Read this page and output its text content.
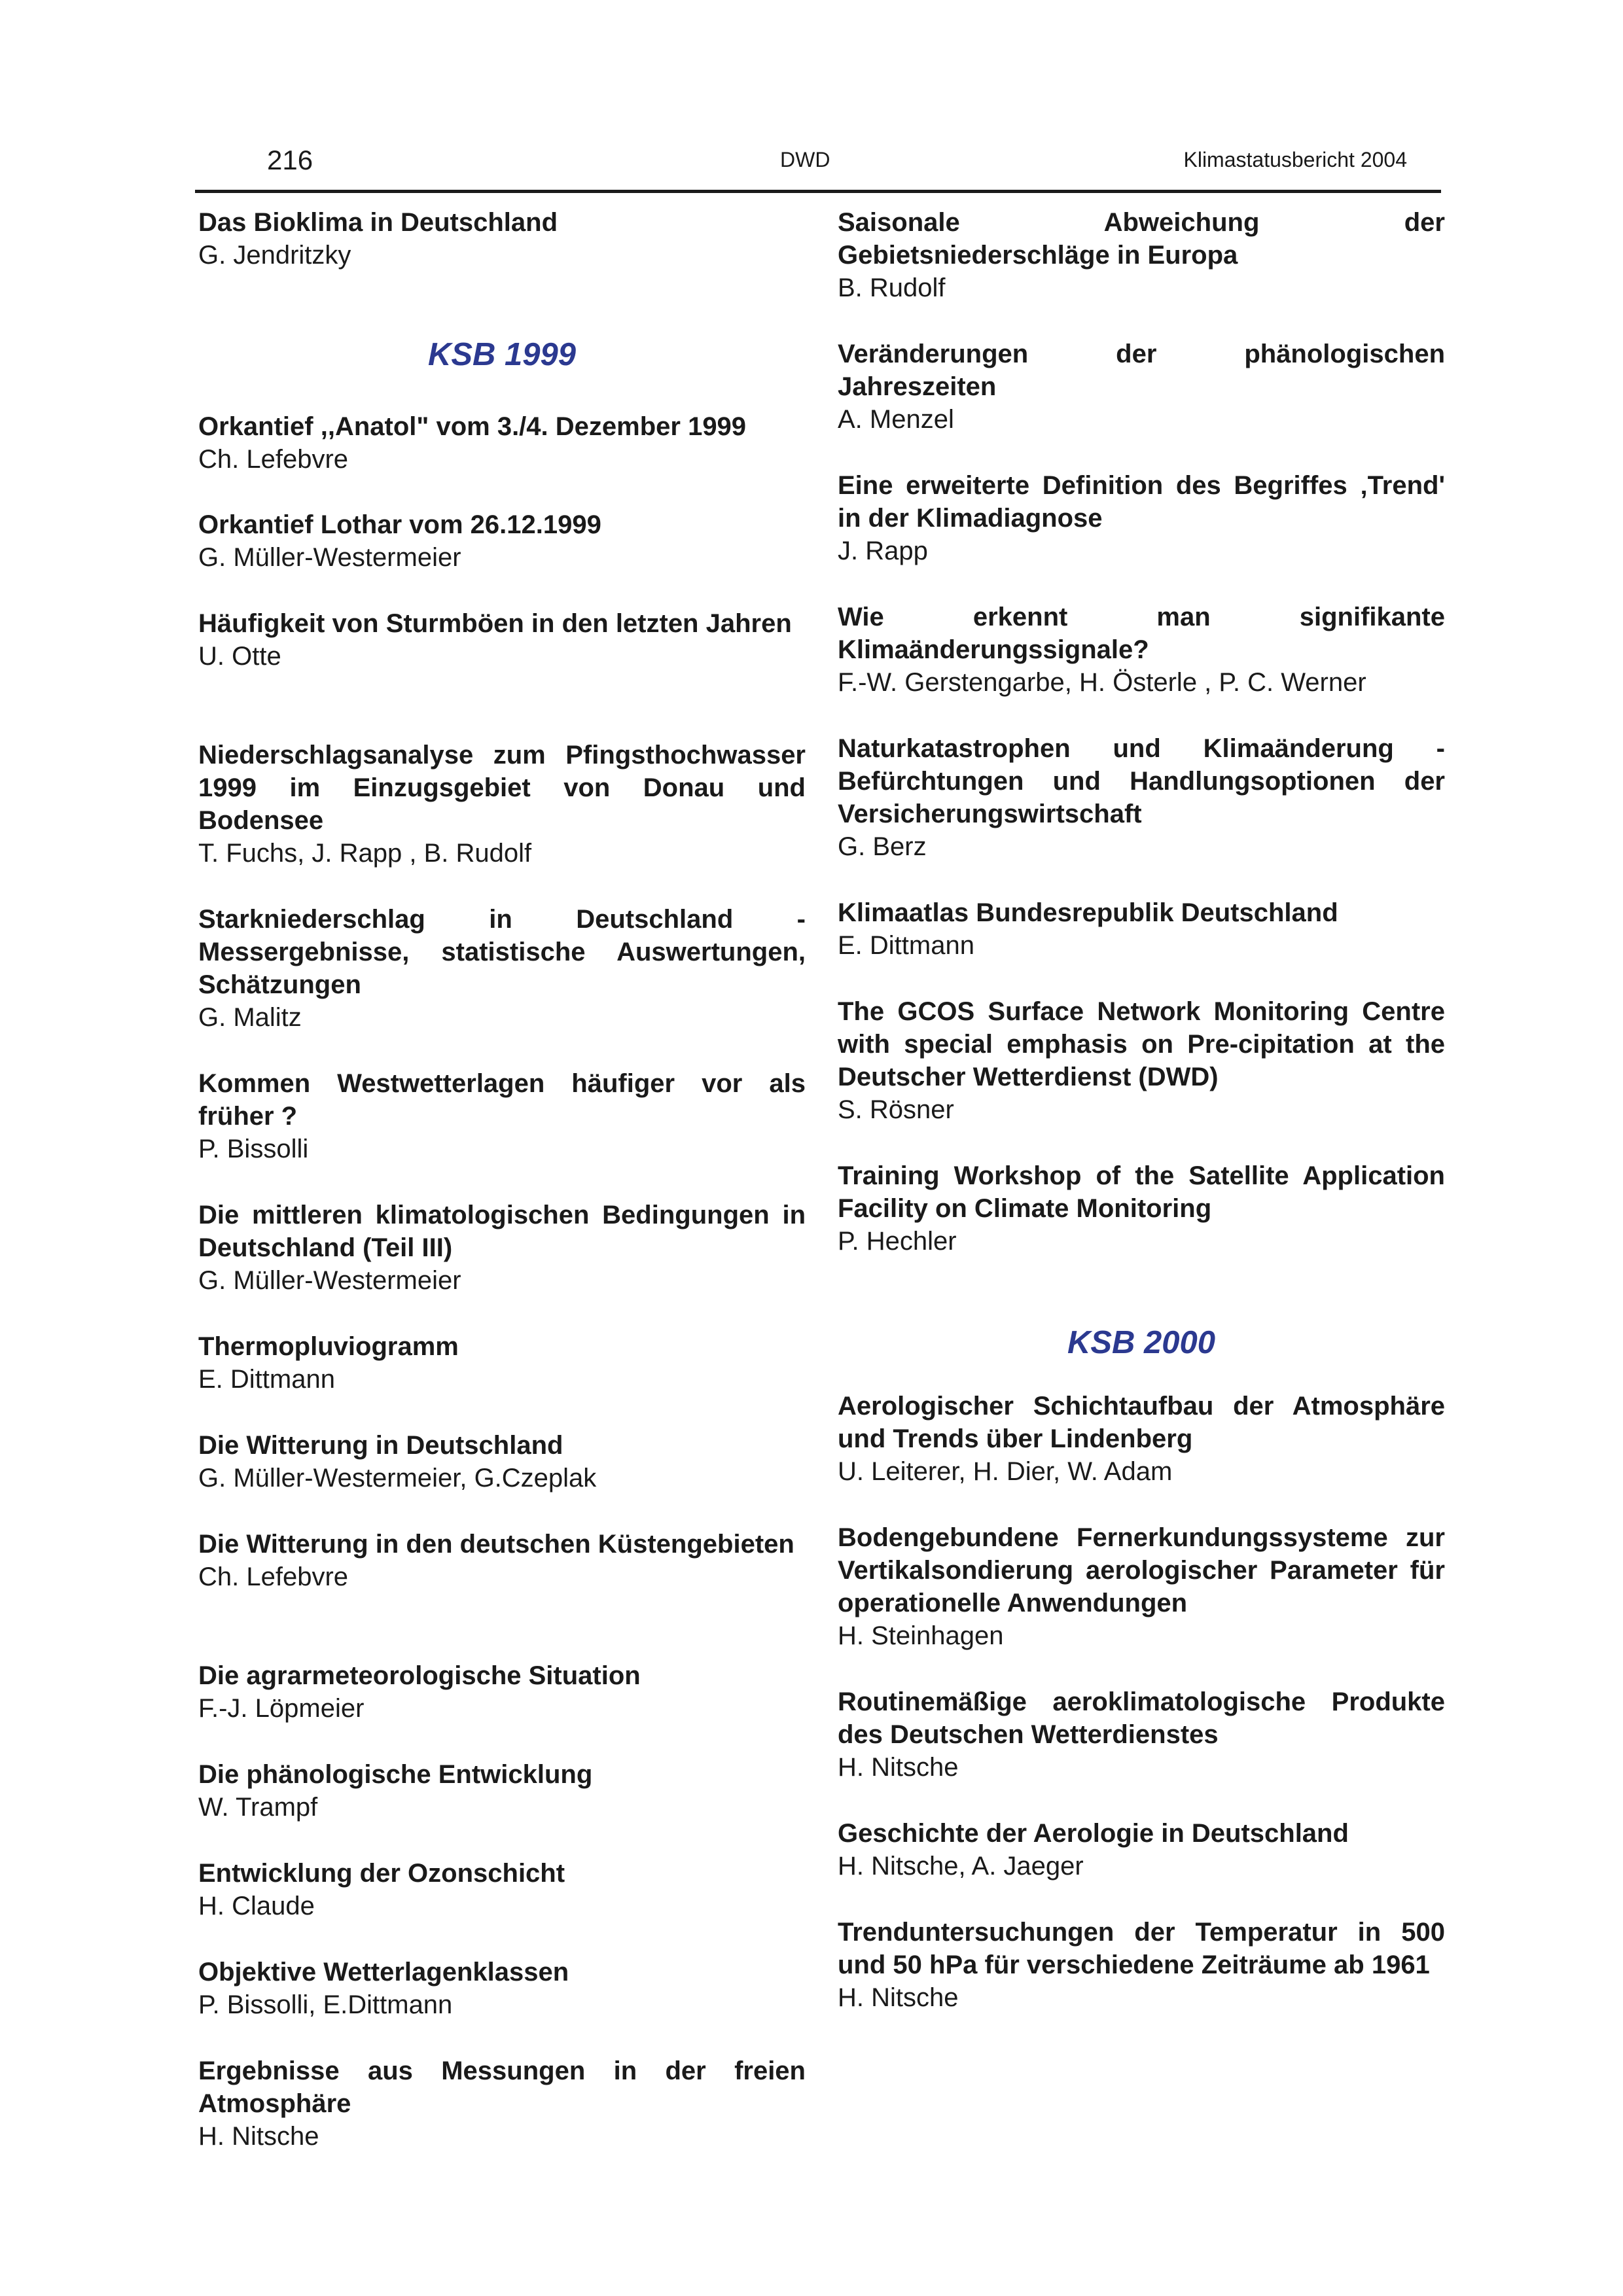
216	DWD	Klimastatusbericht 2004

Das Bioklima in Deutschland

G. Jendritzky

KSB 1999

Orkantief ,,Anatol" vom 3./4. Dezember 1999

Ch. Lefebvre

Orkantief Lothar vom 26.12.1999

G. Müller-Westermeier

Häufigkeit von Sturmböen in den letzten Jahren

U. Otte

Niederschlagsanalyse zum Pfingsthochwasser 1999 im Einzugsgebiet von Donau und Bodensee

T. Fuchs, J. Rapp , B. Rudolf

Starkniederschlag in Deutschland - Messergebnisse, statistische Auswertungen, Schätzungen

G. Malitz

Kommen Westwetterlagen häufiger vor als früher ?

P. Bissolli

Die mittleren klimatologischen Bedingungen in Deutschland (Teil III)

G. Müller-Westermeier

Thermopluviogramm

E. Dittmann

Die Witterung in Deutschland

G. Müller-Westermeier, G.Czeplak

Die Witterung in den deutschen Küstengebieten

Ch. Lefebvre

Die agrarmeteorologische Situation

F.-J. Löpmeier

Die phänologische Entwicklung

W. Trampf

Entwicklung der Ozonschicht

H. Claude

Objektive Wetterlagenklassen

P. Bissolli, E.Dittmann

Ergebnisse aus Messungen in der freien Atmosphäre

H. Nitsche

Saisonale Abweichung der Gebietsniederschläge in Europa

B. Rudolf

Veränderungen der phänologischen Jahreszeiten

A. Menzel

Eine erweiterte Definition des Begriffes ‚Trend' in der Klimadiagnose

J. Rapp

Wie erkennt man signifikante Klimaänderungssignale?

F.-W. Gerstengarbe, H. Österle , P. C. Werner

Naturkatastrophen und Klimaänderung - Befürchtungen und Handlungsoptionen der Versicherungswirtschaft

G. Berz

Klimaatlas Bundesrepublik Deutschland

E. Dittmann

The GCOS Surface Network Monitoring Centre with special emphasis on Pre-cipitation at the Deutscher Wetterdienst (DWD)

S. Rösner

Training Workshop of the Satellite Application Facility on Climate Monitoring

P. Hechler

KSB 2000

Aerologischer Schichtaufbau der Atmosphäre und Trends über Lindenberg

U. Leiterer, H. Dier, W. Adam

Bodengebundene Fernerkundungssysteme zur Vertikalsondierung aerologischer Parameter für operationelle Anwendungen

H. Steinhagen

Routinemäßige aeroklimatologische Produkte des Deutschen Wetterdienstes

H. Nitsche

Geschichte der Aerologie in Deutschland

H. Nitsche, A. Jaeger

Trenduntersuchungen der Temperatur in 500 und 50 hPa für verschiedene Zeiträume ab 1961

H. Nitsche
